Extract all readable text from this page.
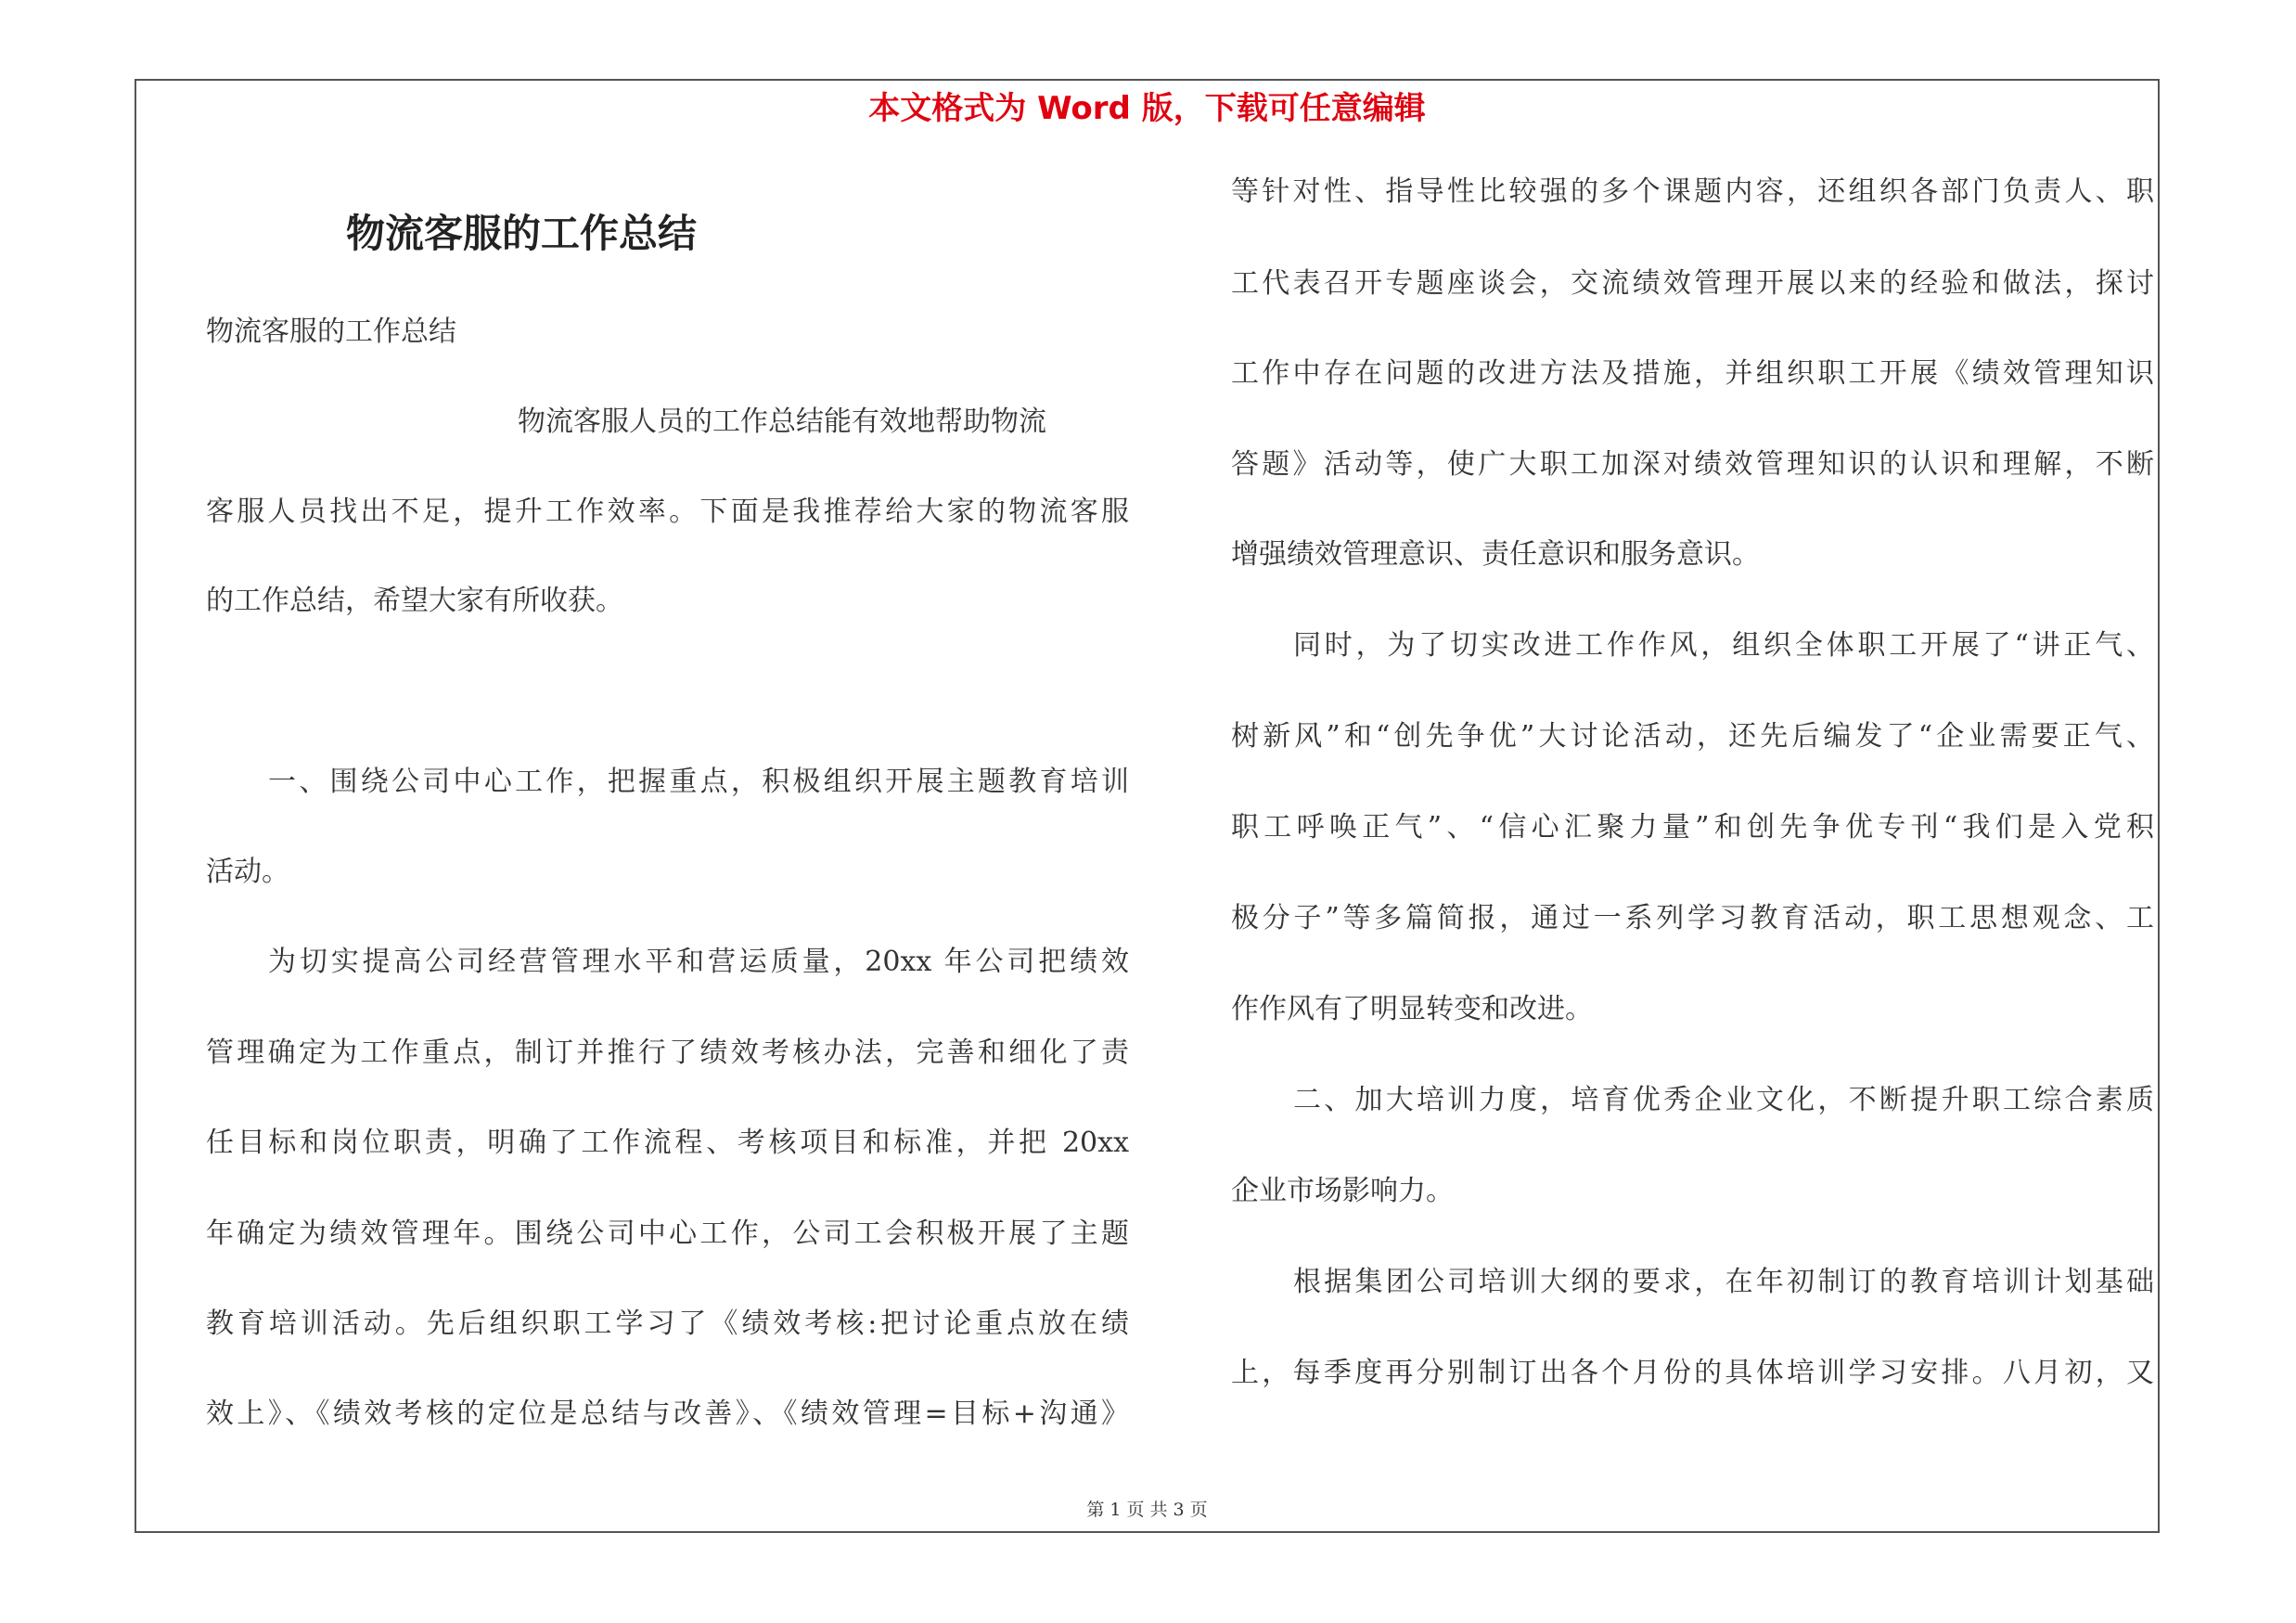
本文格式为 Word 版，下载可任意编辑
物流客服的工作总结
物流客服的工作总结
物流客服人员的工作总结能有效地帮助物流
客服人员找出不足，提升工作效率。下面是我推荐给大家的物流客服
的工作总结，希望大家有所收获。
一、围绕公司中心工作，把握重点，积极组织开展主题教育培训
活动。
为切实提高公司经营管理水平和营运质量，20xx 年公司把绩效
管理确定为工作重点，制订并推行了绩效考核办法，完善和细化了责
任目标和岗位职责，明确了工作流程、考核项目和标准，并把 20xx
年确定为绩效管理年。围绕公司中心工作，公司工会积极开展了主题
教育培训活动。先后组织职工学习了《绩效考核:把讨论重点放在绩
效上》、《绩效考核的定位是总结与改善》、《绩效管理=目标+沟通》
等针对性、指导性比较强的多个课题内容，还组织各部门负责人、职
工代表召开专题座谈会，交流绩效管理开展以来的经验和做法，探讨
工作中存在问题的改进方法及措施，并组织职工开展《绩效管理知识
答题》活动等，使广大职工加深对绩效管理知识的认识和理解，不断
增强绩效管理意识、责任意识和服务意识。
同时，为了切实改进工作作风，组织全体职工开展了“讲正气、
树新风”和“创先争优”大讨论活动，还先后编发了“企业需要正气、
职工呼唤正气”、“信心汇聚力量”和创先争优专刊“我们是入党积
极分子”等多篇简报，通过一系列学习教育活动，职工思想观念、工
作作风有了明显转变和改进。
二、加大培训力度，培育优秀企业文化，不断提升职工综合素质
企业市场影响力。
根据集团公司培训大纲的要求，在年初制订的教育培训计划基础
上，每季度再分别制订出各个月份的具体培训学习安排。八月初，又
第 1 页 共 3 页
